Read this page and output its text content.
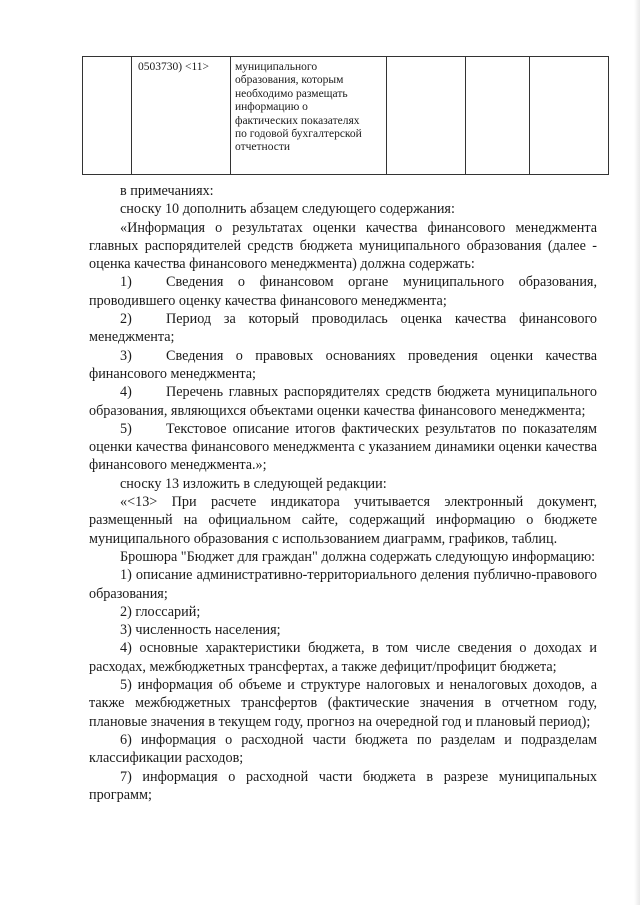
	0503730) <11>	муниципального
образования, которым
необходимо размещать
информацию о
фактических показателях
по годовой бухгалтерской
отчетности

в примечаниях:

сноску 10 дополнить абзацем следующего содержания:

«Информация о результатах оценки качества финансового менеджмента главных распорядителей средств бюджета муниципального образования (далее - оценка качества финансового менеджмента) должна содержать:

1) Сведения о финансовом органе муниципального образования, проводившего оценку качества финансового менеджмента;

2) Период за который проводилась оценка качества финансового менеджмента;

3) Сведения о правовых основаниях проведения оценки качества финансового менеджмента;

4) Перечень главных распорядителях средств бюджета муниципального образования, являющихся объектами оценки качества финансового менеджмента;

5) Текстовое описание итогов фактических результатов по показателям оценки качества финансового менеджмента с указанием динамики оценки качества финансового менеджмента.»;

сноску 13 изложить в следующей редакции:

«<13> При расчете индикатора учитывается электронный документ, размещенный на официальном сайте, содержащий информацию о бюджете муниципального образования с использованием диаграмм, графиков, таблиц.

Брошюра "Бюджет для граждан" должна содержать следующую информацию:

1) описание административно-территориального деления публично-правового образования;

2) глоссарий;

3) численность населения;

4) основные характеристики бюджета, в том числе сведения о доходах и расходах, межбюджетных трансфертах, а также дефицит/профицит бюджета;

5) информация об объеме и структуре налоговых и неналоговых доходов, а также межбюджетных трансфертов (фактические значения в отчетном году, плановые значения в текущем году, прогноз на очередной год и плановый период);

6) информация о расходной части бюджета по разделам и подразделам классификации расходов;

7) информация о расходной части бюджета в разрезе муниципальных программ;
